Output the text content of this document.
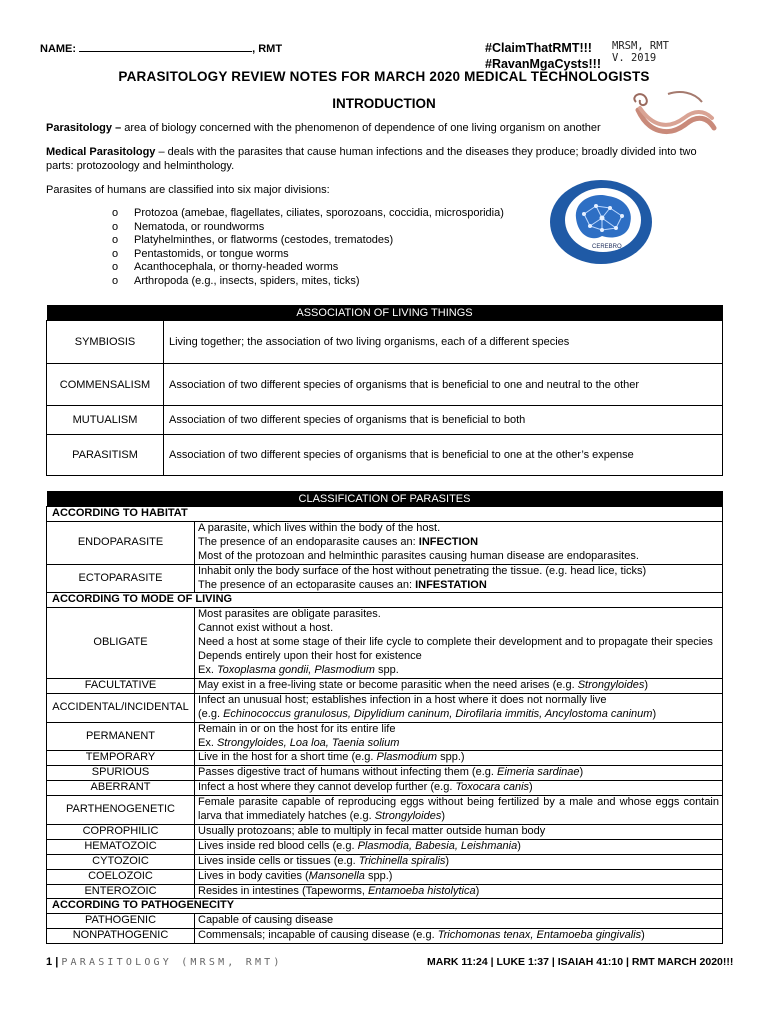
NAME:	, RMT	#ClaimThatRMT!!!
#RavanMgaCysts!!!
MRSM, RMT
V. 2019
PARASITOLOGY REVIEW NOTES FOR MARCH 2020 MEDICAL TECHNOLOGISTS
INTRODUCTION
Parasitology – area of biology concerned with the phenomenon of dependence of one living organism on another
Medical Parasitology – deals with the parasites that cause human infections and the diseases they produce; broadly divided into two
parts: protozoology and helminthology.
Parasites of humans are classified into six major divisions:
o	Protozoa (amebae, flagellates, ciliates, sporozoans, coccidia, microsporidia)
o	Nematoda, or roundworms
o	Platyhelminthes, or flatworms (cestodes, trematodes)
o	Pentastomids, or tongue worms
o	Acanthocephala, or thorny-headed worms
o	Arthropoda (e.g., insects, spiders, mites, ticks)
CEREBRO
ASSOCIATION OF LIVING THINGS	
SYMBIOSIS	Living together; the association of two living organisms, each of a different species
COMMENSALISM	Association of two different species of organisms that is beneficial to one and neutral to the other
MUTUALISM	Association of two different species of organisms that is beneficial to both
PARASITISM	Association of two different species of organisms that is beneficial to one at the other’s expense
CLASSIFICATION OF PARASITES	
ACCORDING TO HABITAT	
ENDOPARASITE	A parasite, which lives within the body of the host.
The presence of an endoparasite causes an: INFECTION
Most of the protozoan and helminthic parasites causing human disease are endoparasites.

ECTOPARASITE	Inhabit only the body surface of the host without penetrating the tissue. (e.g. head lice, ticks)
The presence of an ectoparasite causes an: INFESTATION

ACCORDING TO MODE OF LIVING	
OBLIGATE	Most parasites are obligate parasites.
Cannot exist without a host.
Need a host at some stage of their life cycle to complete their development and to propagate their species
Depends entirely upon their host for existence
Ex. Toxoplasma gondii, Plasmodium spp.

FACULTATIVE	May exist in a free-living state or become parasitic when the need arises (e.g. Strongyloides)
ACCIDENTAL/INCIDENTAL	Infect an unusual host; establishes infection in a host where it does not normally live
(e.g. Echinococcus granulosus, Dipylidium caninum, Dirofilaria immitis, Ancylostoma caninum)

PERMANENT	Remain in or on the host for its entire life
Ex. Strongyloides, Loa loa, Taenia solium

TEMPORARY	Live in the host for a short time (e.g. Plasmodium spp.)
SPURIOUS	Passes digestive tract of humans without infecting them (e.g. Eimeria sardinae)
ABERRANT	Infect a host where they cannot develop further (e.g. Toxocara canis)
PARTHENOGENETIC	Female parasite capable of reproducing eggs without being fertilized by a male and whose eggs contain larva that immediately hatches (e.g. Strongyloides)
COPROPHILIC	Usually protozoans; able to multiply in fecal matter outside human body
HEMATOZOIC	Lives inside red blood cells (e.g. Plasmodia, Babesia, Leishmania)
CYTOZOIC	Lives inside cells or tissues (e.g. Trichinella spiralis)
COELOZOIC	Lives in body cavities (Mansonella spp.)
ENTEROZOIC	Resides in intestines (Tapeworms, Entamoeba histolytica)
ACCORDING TO PATHOGENECITY	
PATHOGENIC	Capable of causing disease
NONPATHOGENIC	Commensals; incapable of causing disease (e.g. Trichomonas tenax, Entamoeba gingivalis)
1 | PARASITOLOGY (MRSM, RMT)	MARK 11:24 | LUKE 1:37 | ISAIAH 41:10 | RMT MARCH 2020!!!
